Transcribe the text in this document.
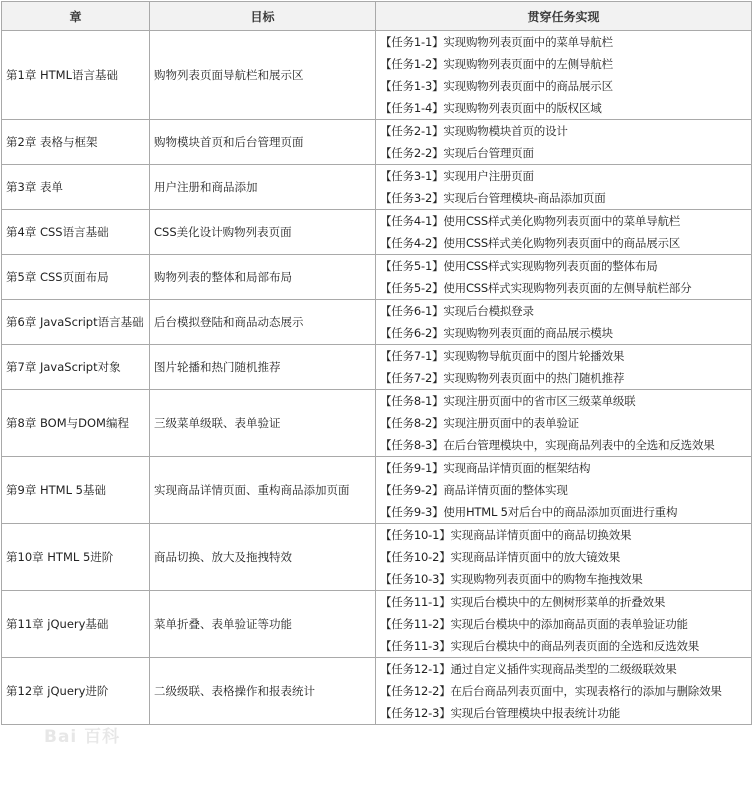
章	目标	贯穿任务实现
第1章 HTML语言基础	购物列表页面导航栏和展示区	【任务1-1】实现购物列表页面中的菜单导航栏
【任务1-2】实现购物列表页面中的左侧导航栏
【任务1-3】实现购物列表页面中的商品展示区
【任务1-4】实现购物列表页面中的版权区域

第2章 表格与框架	购物模块首页和后台管理页面	【任务2-1】实现购物模块首页的设计
【任务2-2】实现后台管理页面

第3章 表单	用户注册和商品添加	【任务3-1】实现用户注册页面
【任务3-2】实现后台管理模块-商品添加页面

第4章 CSS语言基础	CSS美化设计购物列表页面	【任务4-1】使用CSS样式美化购物列表页面中的菜单导航栏
【任务4-2】使用CSS样式美化购物列表页面中的商品展示区

第5章 CSS页面布局	购物列表的整体和局部布局	【任务5-1】使用CSS样式实现购物列表页面的整体布局
【任务5-2】使用CSS样式实现购物列表页面的左侧导航栏部分

第6章 JavaScript语言基础	后台模拟登陆和商品动态展示	【任务6-1】实现后台模拟登录
【任务6-2】实现购物列表页面的商品展示模块

第7章 JavaScript对象	图片轮播和热门随机推荐	【任务7-1】实现购物导航页面中的图片轮播效果
【任务7-2】实现购物列表页面中的热门随机推荐

第8章 BOM与DOM编程	三级菜单级联、表单验证	【任务8-1】实现注册页面中的省市区三级菜单级联
【任务8-2】实现注册页面中的表单验证
【任务8-3】在后台管理模块中，实现商品列表中的全选和反选效果

第9章 HTML 5基础	实现商品详情页面、重构商品添加页面	【任务9-1】实现商品详情页面的框架结构
【任务9-2】商品详情页面的整体实现
【任务9-3】使用HTML 5对后台中的商品添加页面进行重构

第10章 HTML 5进阶	商品切换、放大及拖拽特效	【任务10-1】实现商品详情页面中的商品切换效果
【任务10-2】实现商品详情页面中的放大镜效果
【任务10-3】实现购物列表页面中的购物车拖拽效果

第11章 jQuery基础	菜单折叠、表单验证等功能	【任务11-1】实现后台模块中的左侧树形菜单的折叠效果
【任务11-2】实现后台模块中的添加商品页面的表单验证功能
【任务11-3】实现后台模块中的商品列表页面的全选和反选效果

第12章 jQuery进阶	二级级联、表格操作和报表统计	【任务12-1】通过自定义插件实现商品类型的二级级联效果
【任务12-2】在后台商品列表页面中，实现表格行的添加与删除效果
【任务12-3】实现后台管理模块中报表统计功能
Bai 百科
